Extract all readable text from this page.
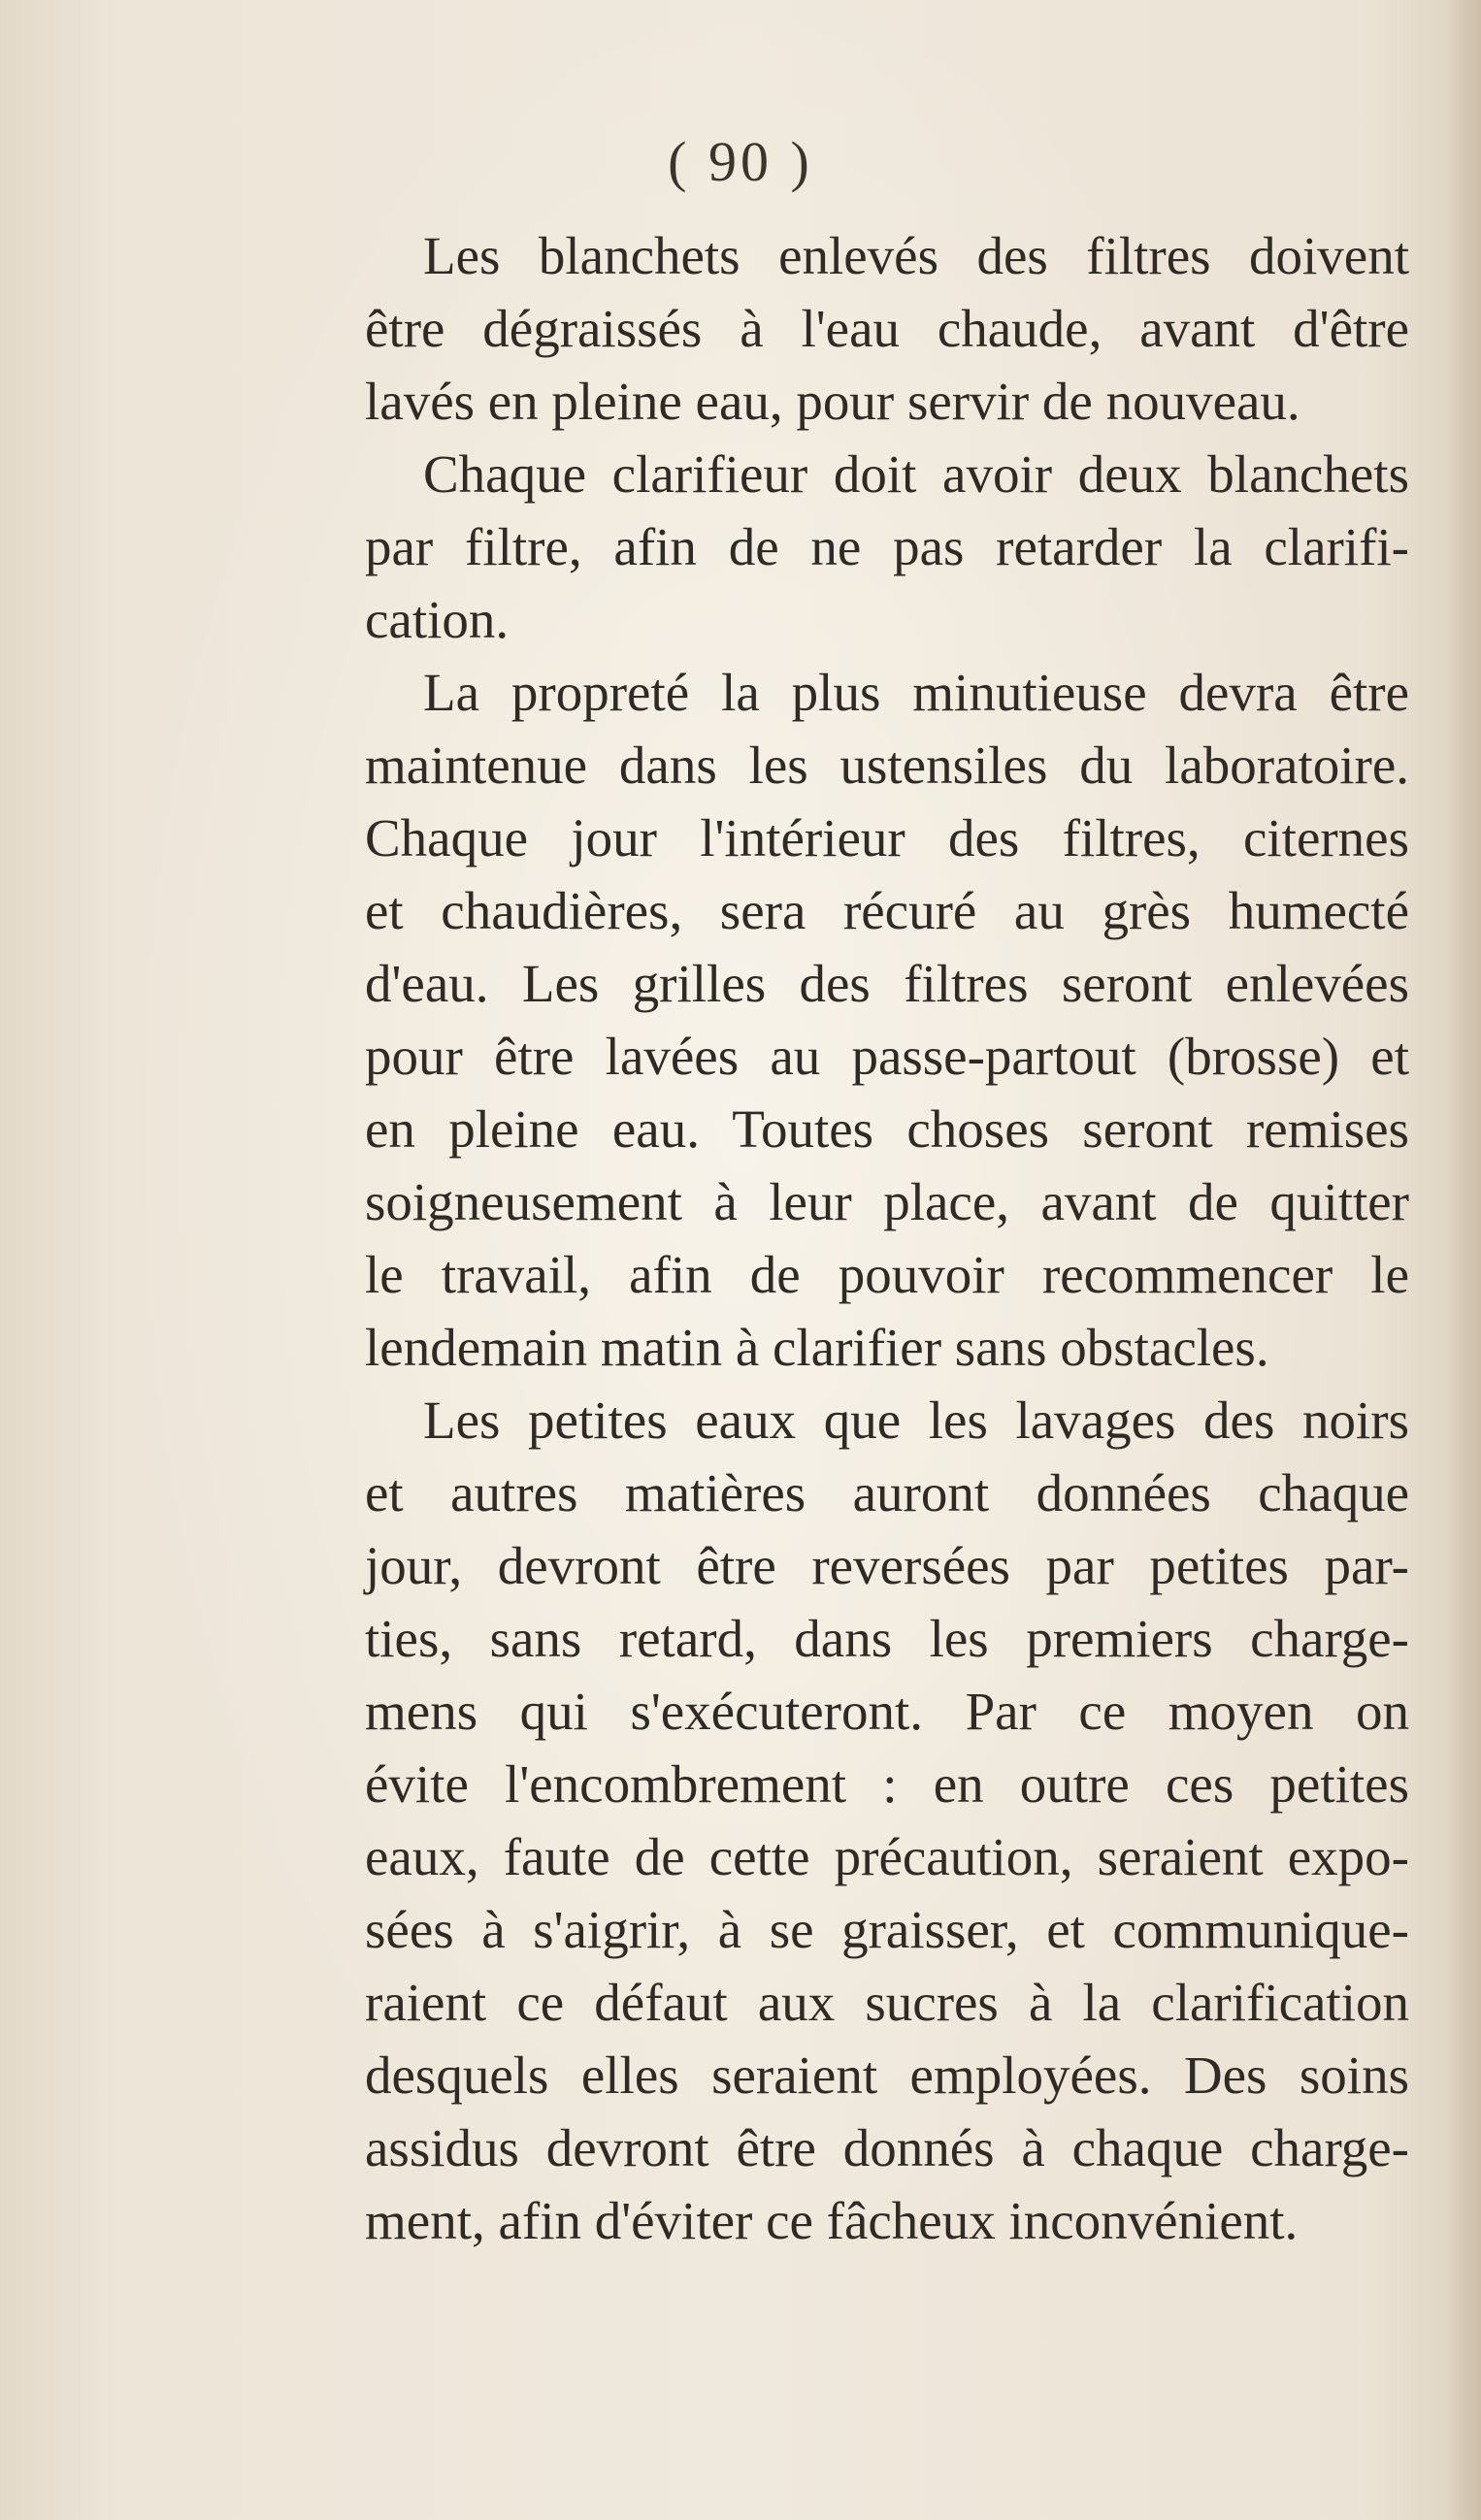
( 90 )
Les blanchets enlevés des filtres doivent
être dégraissés à l'eau chaude, avant d'être
lavés en pleine eau, pour servir de nouveau.
Chaque clarifieur doit avoir deux blanchets
par filtre, afin de ne pas retarder la clarifi-
cation.
La propreté la plus minutieuse devra être
maintenue dans les ustensiles du laboratoire.
Chaque jour l'intérieur des filtres, citernes
et chaudières, sera récuré au grès humecté
d'eau. Les grilles des filtres seront enlevées
pour être lavées au passe-partout (brosse) et
en pleine eau. Toutes choses seront remises
soigneusement à leur place, avant de quitter
le travail, afin de pouvoir recommencer le
lendemain matin à clarifier sans obstacles.
Les petites eaux que les lavages des noirs
et autres matières auront données chaque
jour, devront être reversées par petites par-
ties, sans retard, dans les premiers charge-
mens qui s'exécuteront. Par ce moyen on
évite l'encombrement : en outre ces petites
eaux, faute de cette précaution, seraient expo-
sées à s'aigrir, à se graisser, et communique-
raient ce défaut aux sucres à la clarification
desquels elles seraient employées. Des soins
assidus devront être donnés à chaque charge-
ment, afin d'éviter ce fâcheux inconvénient.
